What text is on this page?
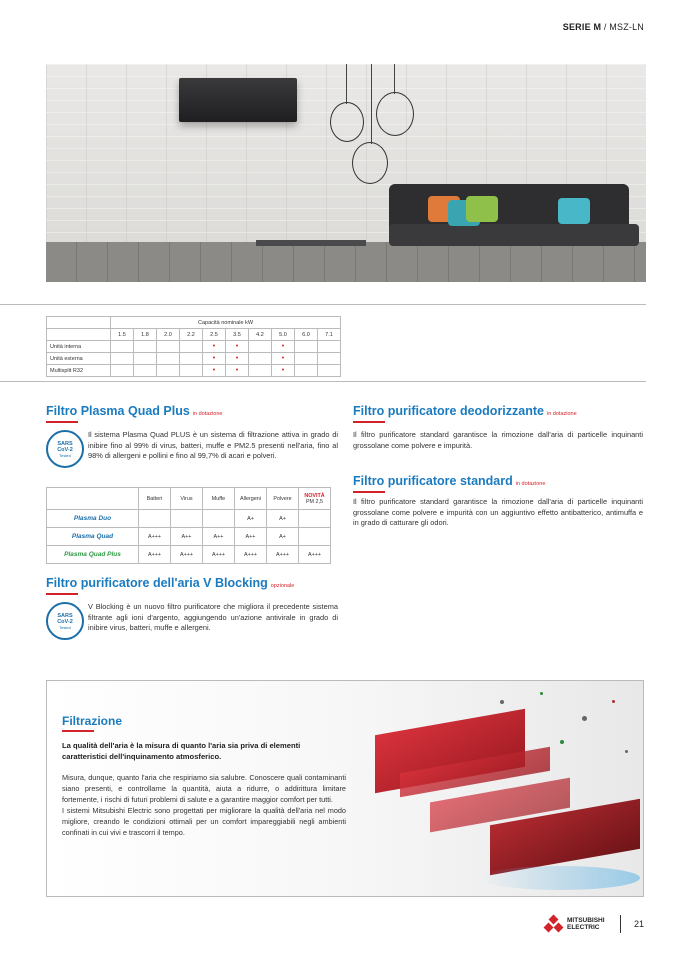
SERIE M / MSZ-LN
	Capacità nominale kW									
	1.5	1.8	2.0	2.2	2.5	3.5	4.2	5.0	6.0	7.1
Unità interna					•	•		•		
Unità esterna					•	•		•		
Multisplit R32					•	•		•		
Filtro Plasma Quad Plus in dotazione
SARS
CoV-2
Tested
Il sistema Plasma Quad PLUS è un sistema di filtrazione attiva in grado di inibire fino al 99% di virus, batteri, muffe e PM2.5 presenti nell'aria, fino al 98% di allergeni e pollini e fino al 99,7% di acari e polveri.
	Batteri	Virus	Muffe	Allergeni	Polvere	NOVITÀ
PM 2,5

Plasma Duo				A+	A+	
Plasma Quad	A+++	A++	A++	A++	A+	
Plasma Quad Plus	A+++	A+++	A+++	A+++	A+++	A+++
Filtro purificatore dell'aria V Blocking opzionale
SARS
CoV-2
Tested
V Blocking è un nuovo filtro purificatore che migliora il precedente sistema filtrante agli ioni d'argento, aggiungendo un'azione antivirale in grado di inibire virus, batteri, muffe e allergeni.
Filtro purificatore deodorizzante in dotazione
Il filtro purificatore standard garantisce la rimozione dall'aria di particelle inquinanti grossolane come polvere e impurità.
Filtro purificatore standard in dotazione
Il filtro purificatore standard garantisce la rimozione dall'aria di particelle inquinanti grossolane come polvere e impurità con un aggiuntivo effetto antibatterico, antimuffa e in grado di catturare gli odori.
Filtrazione
La qualità dell'aria è la misura di quanto l'aria sia priva di elementi caratteristici dell'inquinamento atmosferico.

Misura, dunque, quanto l'aria che respiriamo sia salubre. Conoscere quali contaminanti siano presenti, e controllarne la quantità, aiuta a ridurre, o addirittura limitare fortemente, i rischi di futuri problemi di salute e a garantire maggior comfort per tutti.

I sistemi Mitsubishi Electric sono progettati per migliorare la qualità dell'aria nel modo migliore, creando le condizioni ottimali per un comfort impareggiabili negli ambienti confinati in cui vivi e trascorri il tempo.

MITSUBISHI
ELECTRIC	21
